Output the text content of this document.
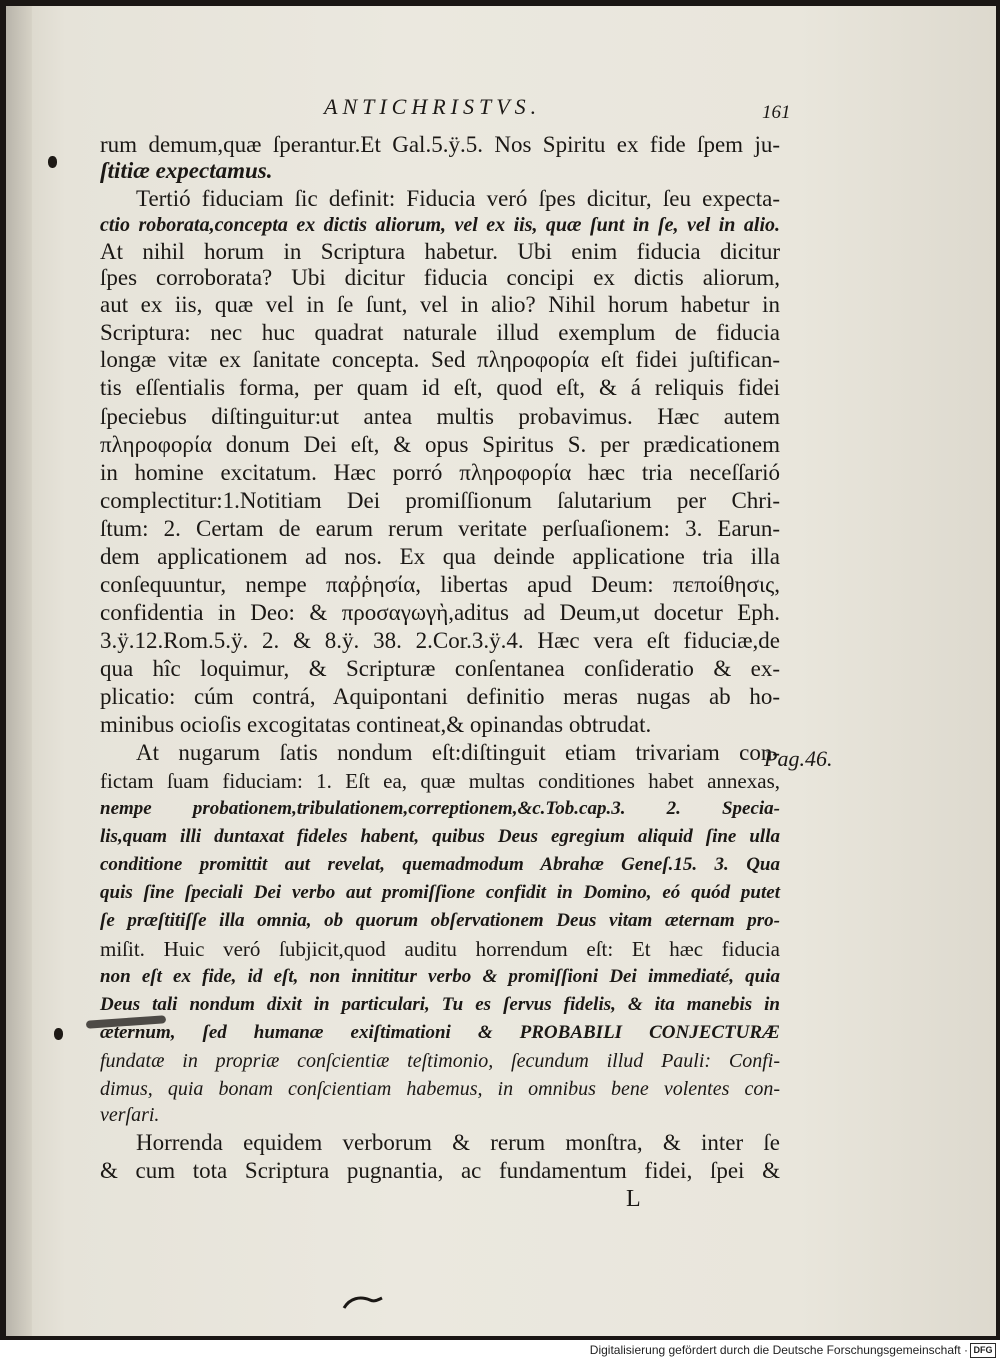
ANTICHRISTVS.	161
rum demum,quæ ſperantur.Et Gal.5.ÿ.5. Nos Spiritu ex fide ſpem ju-
ſtitiæ expectamus.
Tertió fiduciam ſic definit: Fiducia veró ſpes dicitur, ſeu expecta-
ctio roborata,concepta ex dictis aliorum, vel ex iis, quæ ſunt in ſe, vel in alio.
At nihil horum in Scriptura habetur. Ubi enim fiducia dicitur
ſpes corroborata? Ubi dicitur fiducia concipi ex dictis aliorum,
aut ex iis, quæ vel in ſe ſunt, vel in alio? Nihil horum habetur in
Scriptura: nec huc quadrat naturale illud exemplum de fiducia
longæ vitæ ex ſanitate concepta. Sed πληροφορία eſt fidei juſtifican-
tis eſſentialis forma, per quam id eſt, quod eſt, & á reliquis fidei
ſpeciebus diſtinguitur:ut antea multis probavimus. Hæc autem
πληροφορία donum Dei eſt, & opus Spiritus S. per prædicationem
in homine excitatum. Hæc porró πληροφορία hæc tria neceſſarió
complectitur:1.Notitiam Dei promiſſionum ſalutarium per Chri-
ſtum: 2. Certam de earum rerum veritate perſuaſionem: 3. Earun-
dem applicationem ad nos. Ex qua deinde applicatione tria illa
conſequuntur, nempe παῤῥησία, libertas apud Deum: πεποίθησις,
confidentia in Deo: & προσαγωγὴ,aditus ad Deum,ut docetur Eph.
3.ÿ.12.Rom.5.ÿ. 2. & 8.ÿ. 38. 2.Cor.3.ÿ.4. Hæc vera eſt fiduciæ,de
qua hîc loquimur, & Scripturæ conſentanea conſideratio & ex-
plicatio: cúm contrá, Aquipontani definitio meras nugas ab ho-
minibus ocioſis excogitatas contineat,& opinandas obtrudat.
At nugarum ſatis nondum eſt:diſtinguit etiam trivariam con-
Pag.46.
fictam ſuam fiduciam: 1. Eſt ea, quæ multas conditiones habet annexas,
nempe probationem,tribulationem,correptionem,&c.Tob.cap.3. 2. Specia-
lis,quam illi duntaxat fideles habent, quibus Deus egregium aliquid ſine ulla
conditione promittit aut revelat, quemadmodum Abrahæ Geneſ.15. 3. Qua
quis ſine ſpeciali Dei verbo aut promiſſione confidit in Domino, eó quód putet
ſe præſtitiſſe illa omnia, ob quorum obſervationem Deus vitam æternam pro-
miſit. Huic veró ſubjicit,quod auditu horrendum eſt: Et hæc fiducia
non eſt ex fide, id eſt, non innititur verbo & promiſſioni Dei immediaté, quia
Deus tali nondum dixit in particulari, Tu es ſervus fidelis, & ita manebis in
æternum, ſed humanæ exiſtimationi & PROBABILI CONJECTURÆ
fundatæ in propriæ conſcientiæ teſtimonio, ſecundum illud Pauli: Confi-
dimus, quia bonam conſcientiam habemus, in omnibus bene volentes con-
verſari.
Horrenda equidem verborum & rerum monſtra, & inter ſe
& cum tota Scriptura pugnantia, ac fundamentum fidei, ſpei &
L
Digitalisierung gefördert durch die Deutsche Forschungsgemeinschaft · DFG
